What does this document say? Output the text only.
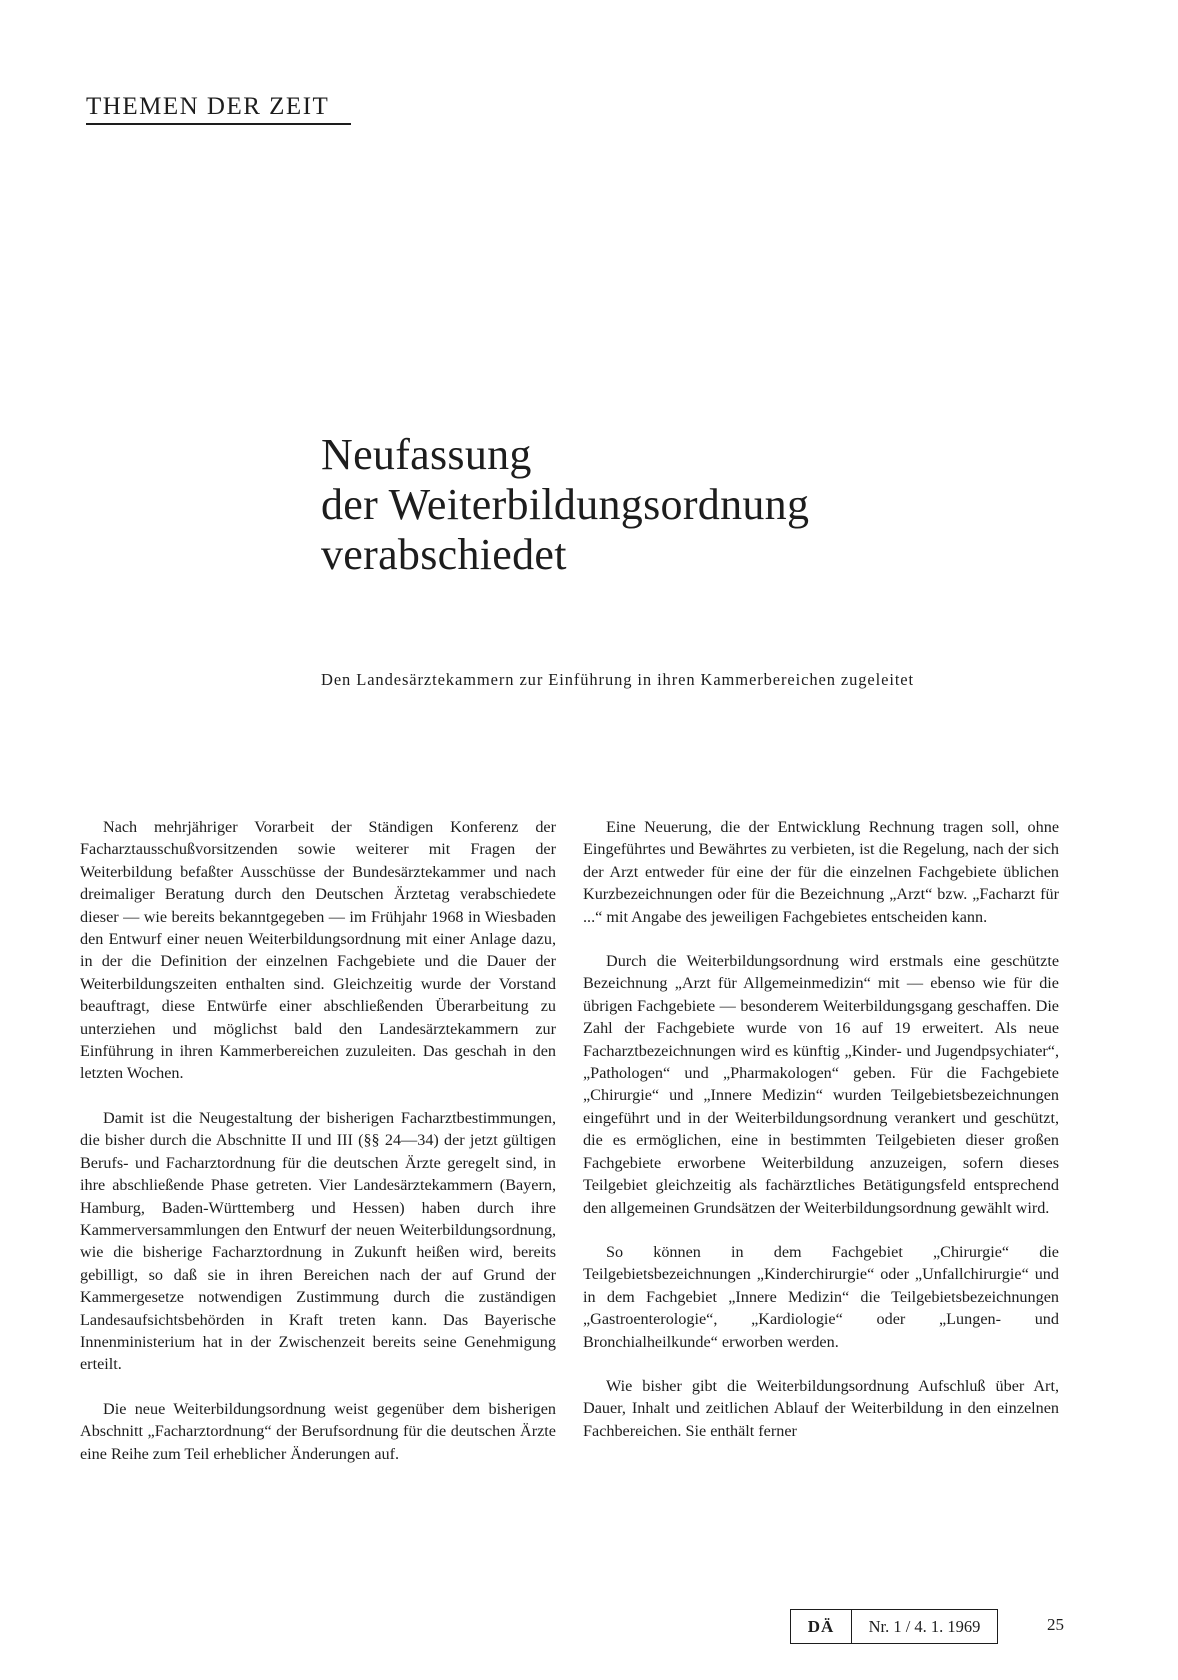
THEMEN DER ZEIT
Neufassung
der Weiterbildungsordnung
verabschiedet
Den Landesärztekammern zur Einführung in ihren Kammerbereichen zugeleitet

Nach mehrjähriger Vorarbeit der Ständigen Konferenz der Facharztausschußvorsitzenden sowie weiterer mit Fragen der Weiterbildung befaßter Ausschüsse der Bundesärztekammer und nach dreimaliger Beratung durch den Deutschen Ärztetag verabschiedete dieser — wie bereits bekanntgegeben — im Frühjahr 1968 in Wiesbaden den Entwurf einer neuen Weiterbildungsordnung mit einer Anlage dazu, in der die Definition der einzelnen Fachgebiete und die Dauer der Weiterbildungszeiten enthalten sind. Gleichzeitig wurde der Vorstand beauftragt, diese Entwürfe einer abschließenden Überarbeitung zu unterziehen und möglichst bald den Landesärztekammern zur Einführung in ihren Kammerbereichen zuzuleiten. Das geschah in den letzten Wochen.

Damit ist die Neugestaltung der bisherigen Facharztbestimmungen, die bisher durch die Abschnitte II und III (§§ 24—34) der jetzt gültigen Berufs- und Facharztordnung für die deutschen Ärzte geregelt sind, in ihre abschließende Phase getreten. Vier Landesärztekammern (Bayern, Hamburg, Baden-Württemberg und Hessen) haben durch ihre Kammerversammlungen den Entwurf der neuen Weiterbildungsordnung, wie die bisherige Facharztordnung in Zukunft heißen wird, bereits gebilligt, so daß sie in ihren Bereichen nach der auf Grund der Kammergesetze notwendigen Zustimmung durch die zuständigen Landesaufsichtsbehörden in Kraft treten kann. Das Bayerische Innenministerium hat in der Zwischenzeit bereits seine Genehmigung erteilt.

Die neue Weiterbildungsordnung weist gegenüber dem bisherigen Abschnitt „Facharztordnung“ der Berufsordnung für die deutschen Ärzte eine Reihe zum Teil erheblicher Änderungen auf.

Eine Neuerung, die der Entwicklung Rechnung tragen soll, ohne Eingeführtes und Bewährtes zu verbieten, ist die Regelung, nach der sich der Arzt entweder für eine der für die einzelnen Fachgebiete üblichen Kurzbezeichnungen oder für die Bezeichnung „Arzt“ bzw. „Facharzt für ...“ mit Angabe des jeweiligen Fachgebietes entscheiden kann.

Durch die Weiterbildungsordnung wird erstmals eine geschützte Bezeichnung „Arzt für Allgemeinmedizin“ mit — ebenso wie für die übrigen Fachgebiete — besonderem Weiterbildungsgang geschaffen. Die Zahl der Fachgebiete wurde von 16 auf 19 erweitert. Als neue Facharztbezeichnungen wird es künftig „Kinder- und Jugendpsychiater“, „Pathologen“ und „Pharmakologen“ geben. Für die Fachgebiete „Chirurgie“ und „Innere Medizin“ wurden Teilgebietsbezeichnungen eingeführt und in der Weiterbildungsordnung verankert und geschützt, die es ermöglichen, eine in bestimmten Teilgebieten dieser großen Fachgebiete erworbene Weiterbildung anzuzeigen, sofern dieses Teilgebiet gleichzeitig als fachärztliches Betätigungsfeld entsprechend den allgemeinen Grundsätzen der Weiterbildungsordnung gewählt wird.

So können in dem Fachgebiet „Chirurgie“ die Teilgebietsbezeichnungen „Kinderchirurgie“ oder „Unfallchirurgie“ und in dem Fachgebiet „Innere Medizin“ die Teilgebietsbezeichnungen „Gastroenterologie“, „Kardiologie“ oder „Lungen- und Bronchialheilkunde“ erworben werden.

Wie bisher gibt die Weiterbildungsordnung Aufschluß über Art, Dauer, Inhalt und zeitlichen Ablauf der Weiterbildung in den einzelnen Fachbereichen. Sie enthält ferner

DÄ	Nr. 1 / 4. 1. 1969	25
